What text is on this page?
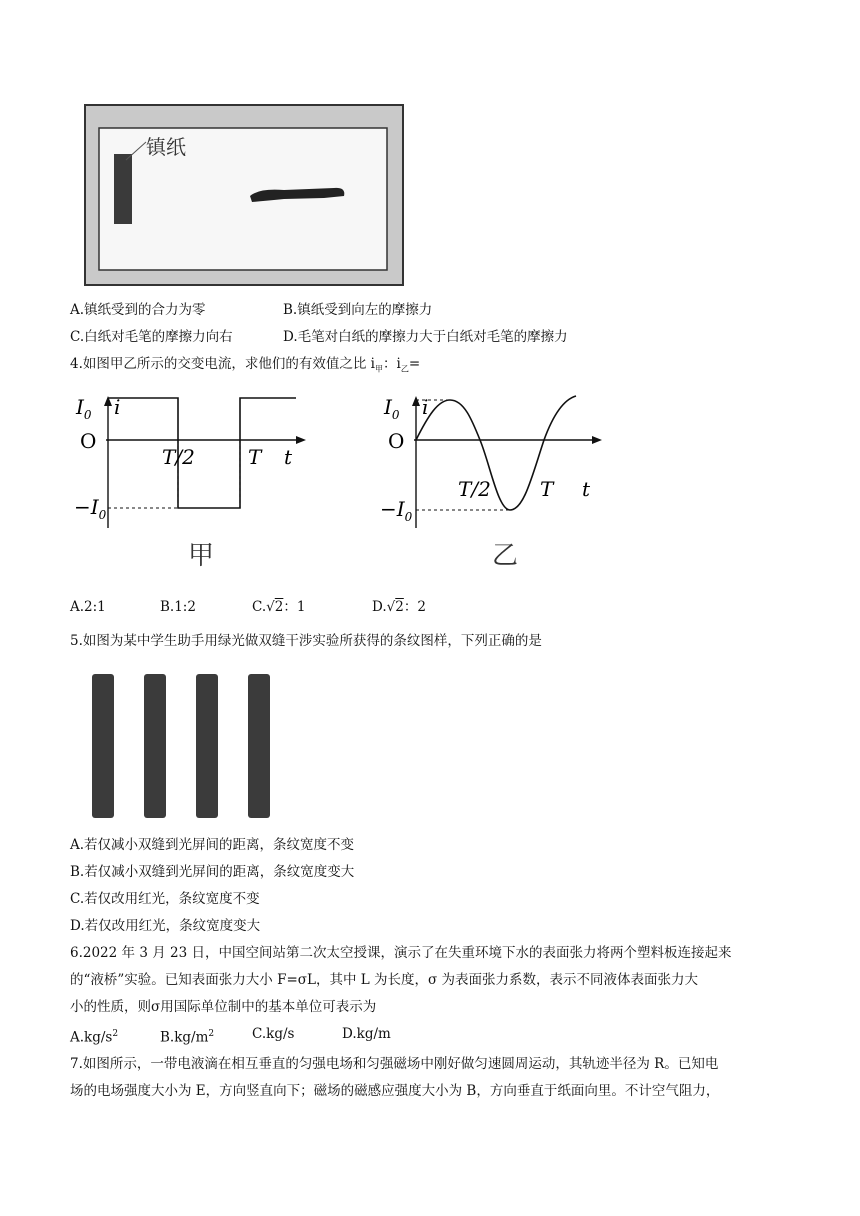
镇纸
A.镇纸受到的合力为零	B.镇纸受到向左的摩擦力
C.白纸对毛笔的摩擦力向右	D.毛笔对白纸的摩擦力大于白纸对毛笔的摩擦力
4.如图甲乙所示的交变电流，求他们的有效值之比 $i_甲$：$i_乙=$
i
$I_0$
O
$-I_0$
T/2	T t
甲
i
$I_0$
O
$-I_0$
T/2 T t
乙
A.2:1	B.1:2	C.√2：1	D.√2：2
5.如图为某中学生助手用绿光做双缝干涉实验所获得的条纹图样，下列正确的是
A.若仅减小双缝到光屏间的距离，条纹宽度不变
B.若仅减小双缝到光屏间的距离，条纹宽度变大
C.若仅改用红光，条纹宽度不变
D.若仅改用红光，条纹宽度变大
6.2022 年 3 月 23 日，中国空间站第二次太空授课，演示了在失重环境下水的表面张力将两个塑料板连接起来
的“液桥”实验。已知表面张力大小 F=σL，其中 L 为长度，σ 为表面张力系数，表示不同液体表面张力大
小的性质，则σ用国际单位制中的基本单位可表示为
$A.kg/s^2$	$B.kg/m^2$	C.kg/s	D.kg/m
7.如图所示，一带电液滴在相互垂直的匀强电场和匀强磁场中刚好做匀速圆周运动，其轨迹半径为 R。已知电
场的电场强度大小为 E，方向竖直向下；磁场的磁感应强度大小为 B，方向垂直于纸面向里。不计空气阻力，
